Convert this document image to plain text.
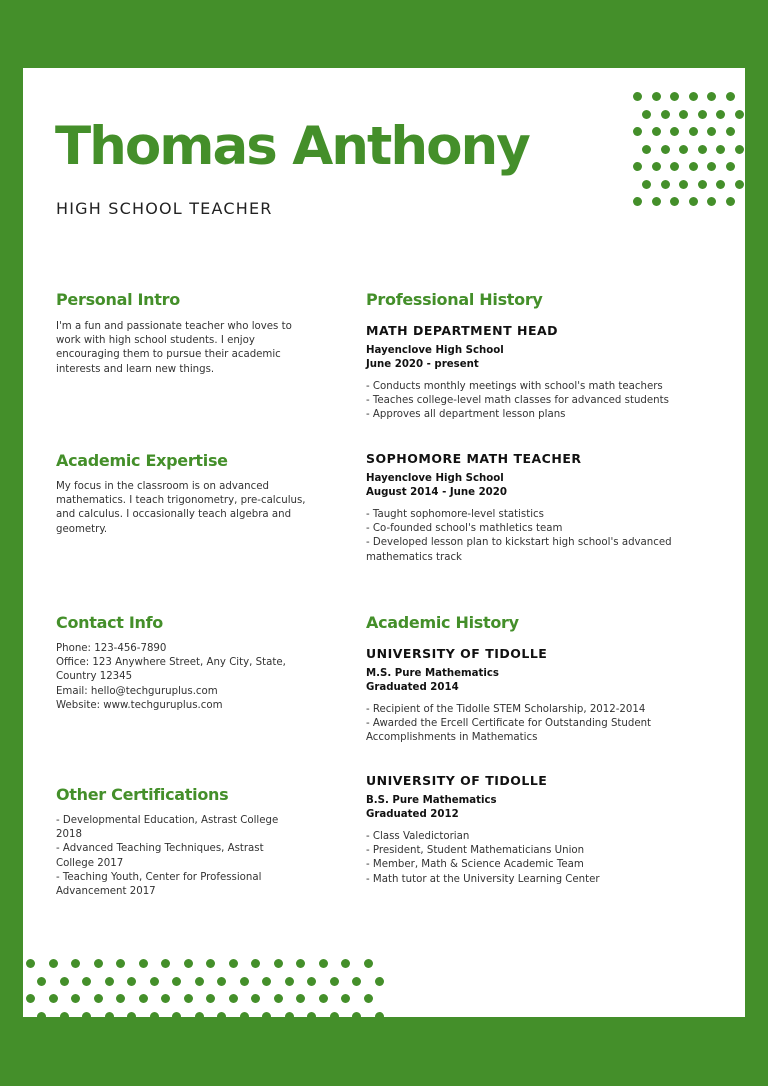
Thomas Anthony
HIGH SCHOOL TEACHER
Personal Intro
I'm a fun and passionate teacher who loves to
work with high school students. I enjoy
encouraging them to pursue their academic
interests and learn new things.
Academic Expertise
My focus in the classroom is on advanced
mathematics. I teach trigonometry, pre-calculus,
and calculus. I occasionally teach algebra and
geometry.
Contact Info
Phone: 123-456-7890
Office: 123 Anywhere Street, Any City, State,
Country 12345
Email: hello@techguruplus.com
Website: www.techguruplus.com
Other Certifications
- Developmental Education, Astrast College
2018
- Advanced Teaching Techniques, Astrast
College 2017
- Teaching Youth, Center for Professional
Advancement 2017
Professional History
MATH DEPARTMENT HEAD
Hayenclove High School
June 2020 - present
- Conducts monthly meetings with school's math teachers
- Teaches college-level math classes for advanced students
- Approves all department lesson plans
SOPHOMORE MATH TEACHER
Hayenclove High School
August 2014 - June 2020
- Taught sophomore-level statistics
- Co-founded school's mathletics team
- Developed lesson plan to kickstart high school's advanced
mathematics track
Academic History
UNIVERSITY OF TIDOLLE
M.S. Pure Mathematics
Graduated 2014
- Recipient of the Tidolle STEM Scholarship, 2012-2014
- Awarded the Ercell Certificate for Outstanding Student
Accomplishments in Mathematics
UNIVERSITY OF TIDOLLE
B.S. Pure Mathematics
Graduated 2012
- Class Valedictorian
- President, Student Mathematicians Union
- Member, Math & Science Academic Team
- Math tutor at the University Learning Center
